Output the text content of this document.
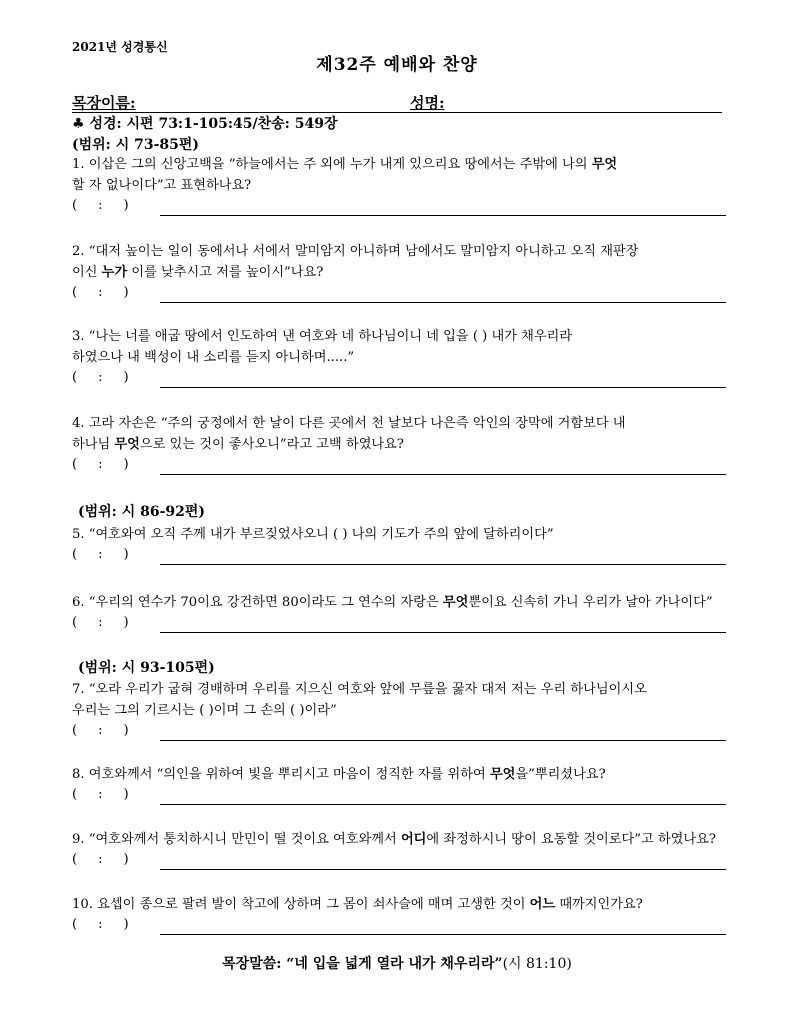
2021년 성경통신
제32주 예배와 찬양
목장이름:	성명:
♣ 성경: 시편 73:1-105:45/찬송: 549장
(범위: 시 73-85편)
1. 이삽은 그의 신앙고백을 “하늘에서는 주 외에 누가 내게 있으리요 땅에서는 주밖에 나의 무엇
할 자 없나이다”고 표현하나요?
(     :     )
2. “대저 높이는 일이 동에서나 서에서 말미암지 아니하며 남에서도 말미암지 아니하고 오직 재판장
이신 누가 이를 낮추시고 저를 높이시”나요?
(     :     )
3. “나는 너를 애굽 땅에서 인도하여 낸 여호와 네 하나님이니 네 입을 ( ) 내가 채우리라
하였으나 내 백성이 내 소리를 듣지 아니하며.....”
(     :     )
4. 고라 자손은 “주의 궁정에서 한 날이 다른 곳에서 천 날보다 나은즉 악인의 장막에 거함보다 내
하나님 무엇으로 있는 것이 좋사오니”라고 고백 하였나요?
(     :     )
(범위: 시 86-92편)
5. “여호와여 오직 주께 내가 부르짖었사오니 ( ) 나의 기도가 주의 앞에 달하리이다”
(     :     )
6. “우리의 연수가 70이요 강건하면 80이라도 그 연수의 자랑은 무엇뿐이요 신속히 가니 우리가 날아 가나이다”
(     :     )
(범위: 시 93-105편)
7. “오라 우리가 굽혀 경배하며 우리를 지으신 여호와 앞에 무릎을 꿇자 대저 저는 우리 하나님이시오
우리는 그의 기르시는 ( )이며 그 손의 ( )이라”
(     :     )
8. 여호와께서 “의인을 위하여 빛을 뿌리시고 마음이 정직한 자를 위하여 무엇을”뿌리셨나요?
(     :     )
9. “여호와께서 통치하시니 만민이 떨 것이요 여호와께서 어디에 좌정하시니 땅이 요동할 것이로다”고 하였나요?
(     :     )
10. 요셉이 종으로 팔려 발이 착고에 상하며 그 몸이 쇠사슬에 매며 고생한 것이 어느 때까지인가요?
(     :     )
목장말씀: “네 입을 넓게 열라 내가 채우리라”(시 81:10)
